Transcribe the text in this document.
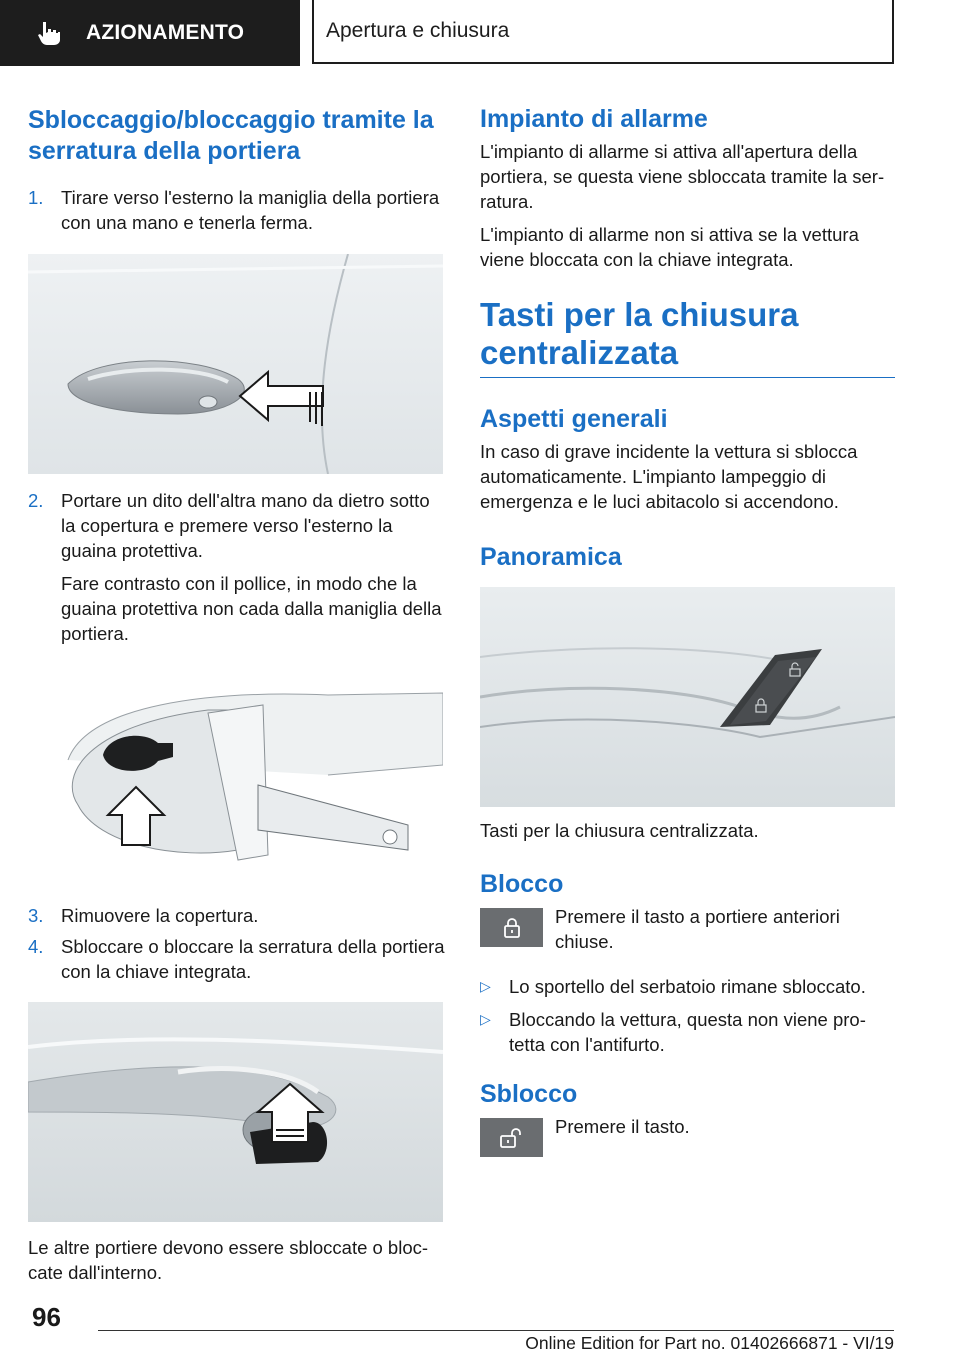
AZIONAMENTO	Apertura e chiusura
Sbloccaggio/bloccaggio tramite la serratura della portiera
1. Tirare verso l'esterno la maniglia della portiera con una mano e tenerla ferma.
2. Portare un dito dell'altra mano da dietro sotto la copertura e premere verso l'esterno la guaina protettiva.
Fare contrasto con il pollice, in modo che la guaina protettiva non cada dalla maniglia della portiera.
3. Rimuovere la copertura.
4. Sbloccare o bloccare la serratura della portiera con la chiave integrata.

Le altre portiere devono essere sbloccate o bloccate dall'interno.

Impianto di allarme

L'impianto di allarme si attiva all'apertura della portiera, se questa viene sbloccata tramite la serratura.

L'impianto di allarme non si attiva se la vettura viene bloccata con la chiave integrata.

Tasti per la chiusura centralizzata
Aspetti generali

In caso di grave incidente la vettura si sblocca automaticamente. L'impianto lampeggio di emergenza e le luci abitacolo si accendono.

Panoramica

Tasti per la chiusura centralizzata.

Blocco
Premere il tasto a portiere anteriori chiuse.
▷ Lo sportello del serbatoio rimane sbloccato.
▷ Bloccando la vettura, questa non viene protetta con l'antifurto.
Sblocco
Premere il tasto.
96
Online Edition for Part no. 01402666871 - VI/19
